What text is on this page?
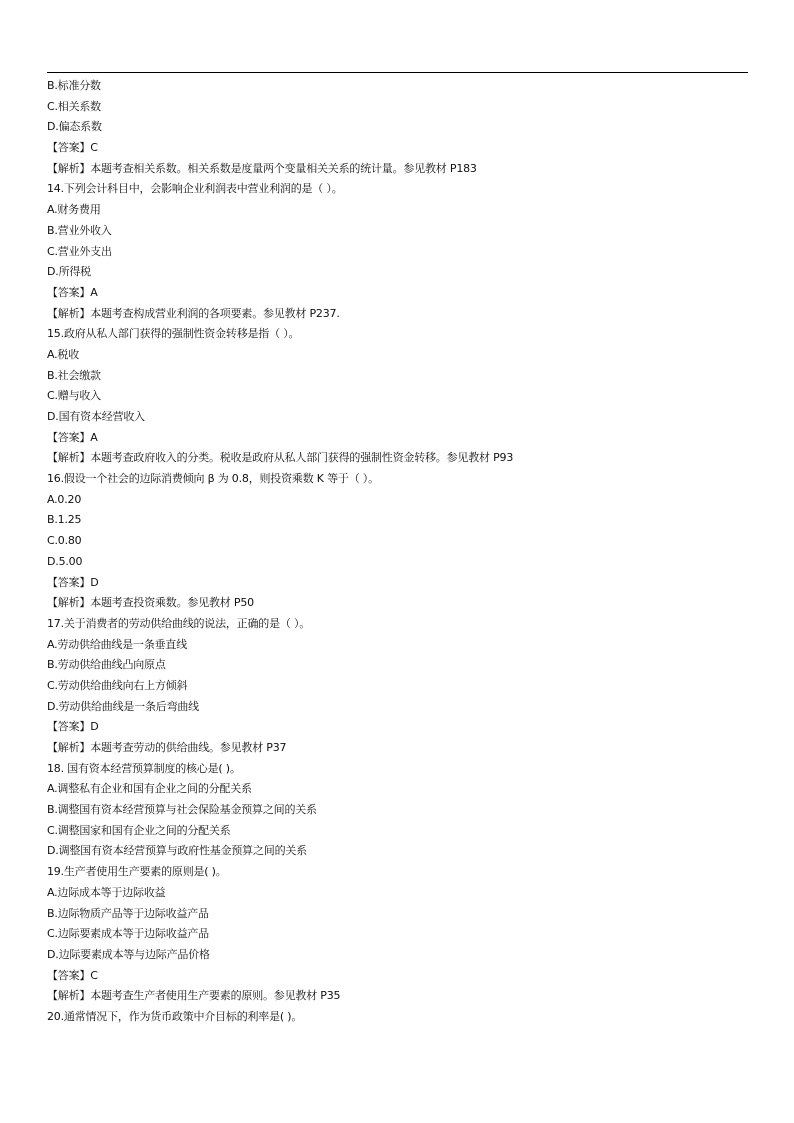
B.标准分数
C.相关系数
D.偏态系数
【答案】C
【解析】本题考查相关系数。相关系数是度量两个变量相关关系的统计量。参见教材 P183
14.下列会计科目中，会影响企业利润表中营业利润的是（ ）。
A.财务费用
B.营业外收入
C.营业外支出
D.所得税
【答案】A
【解析】本题考查构成营业利润的各项要素。参见教材 P237.
15.政府从私人部门获得的强制性资金转移是指（ ）。
A.税收
B.社会缴款
C.赠与收入
D.国有资本经营收入
【答案】A
【解析】本题考查政府收入的分类。税收是政府从私人部门获得的强制性资金转移。参见教材 P93
16.假设一个社会的边际消费倾向 β 为 0.8，则投资乘数 K 等于（ ）。
A.0.20
B.1.25
C.0.80
D.5.00
【答案】D
【解析】本题考查投资乘数。参见教材 P50
17.关于消费者的劳动供给曲线的说法，正确的是（ ）。
A.劳动供给曲线是一条垂直线
B.劳动供给曲线凸向原点
C.劳动供给曲线向右上方倾斜
D.劳动供给曲线是一条后弯曲线
【答案】D
【解析】本题考查劳动的供给曲线。参见教材 P37
18. 国有资本经营预算制度的核心是( )。
A.调整私有企业和国有企业之间的分配关系
B.调整国有资本经营预算与社会保险基金预算之间的关系
C.调整国家和国有企业之间的分配关系
D.调整国有资本经营预算与政府性基金预算之间的关系
19.生产者使用生产要素的原则是( )。
A.边际成本等于边际收益
B.边际物质产品等于边际收益产品
C.边际要素成本等于边际收益产品
D.边际要素成本等与边际产品价格
【答案】C
【解析】本题考查生产者使用生产要素的原则。参见教材 P35
20.通常情况下，作为货币政策中介目标的利率是( )。
